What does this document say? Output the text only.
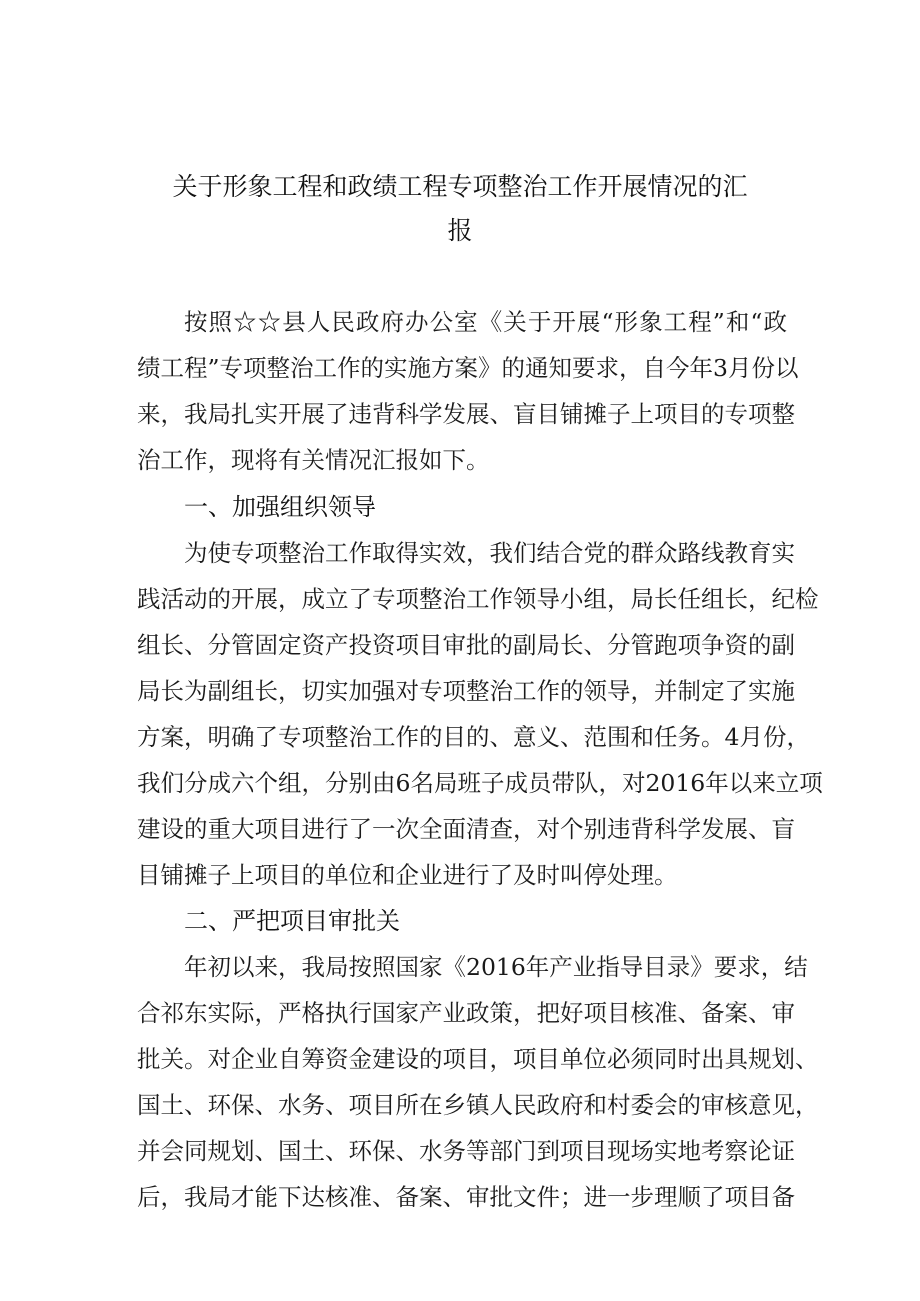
关于形象工程和政绩工程专项整治工作开展情况的汇
报
按照☆☆县人民政府办公室《关于开展“形象工程”和“政
绩工程”专项整治工作的实施方案》的通知要求，自今年3月份以
来，我局扎实开展了违背科学发展、盲目铺摊子上项目的专项整
治工作，现将有关情况汇报如下。
一、加强组织领导
为使专项整治工作取得实效，我们结合党的群众路线教育实
践活动的开展，成立了专项整治工作领导小组，局长任组长，纪检
组长、分管固定资产投资项目审批的副局长、分管跑项争资的副
局长为副组长，切实加强对专项整治工作的领导，并制定了实施
方案，明确了专项整治工作的目的、意义、范围和任务。4月份，
我们分成六个组，分别由6名局班子成员带队，对2016年以来立项
建设的重大项目进行了一次全面清查，对个别违背科学发展、盲
目铺摊子上项目的单位和企业进行了及时叫停处理。
二、严把项目审批关
年初以来，我局按照国家《2016年产业指导目录》要求，结
合祁东实际，严格执行国家产业政策，把好项目核准、备案、审
批关。对企业自筹资金建设的项目，项目单位必须同时出具规划、
国土、环保、水务、项目所在乡镇人民政府和村委会的审核意见，
并会同规划、国土、环保、水务等部门到项目现场实地考察论证
后，我局才能下达核准、备案、审批文件；进一步理顺了项目备
